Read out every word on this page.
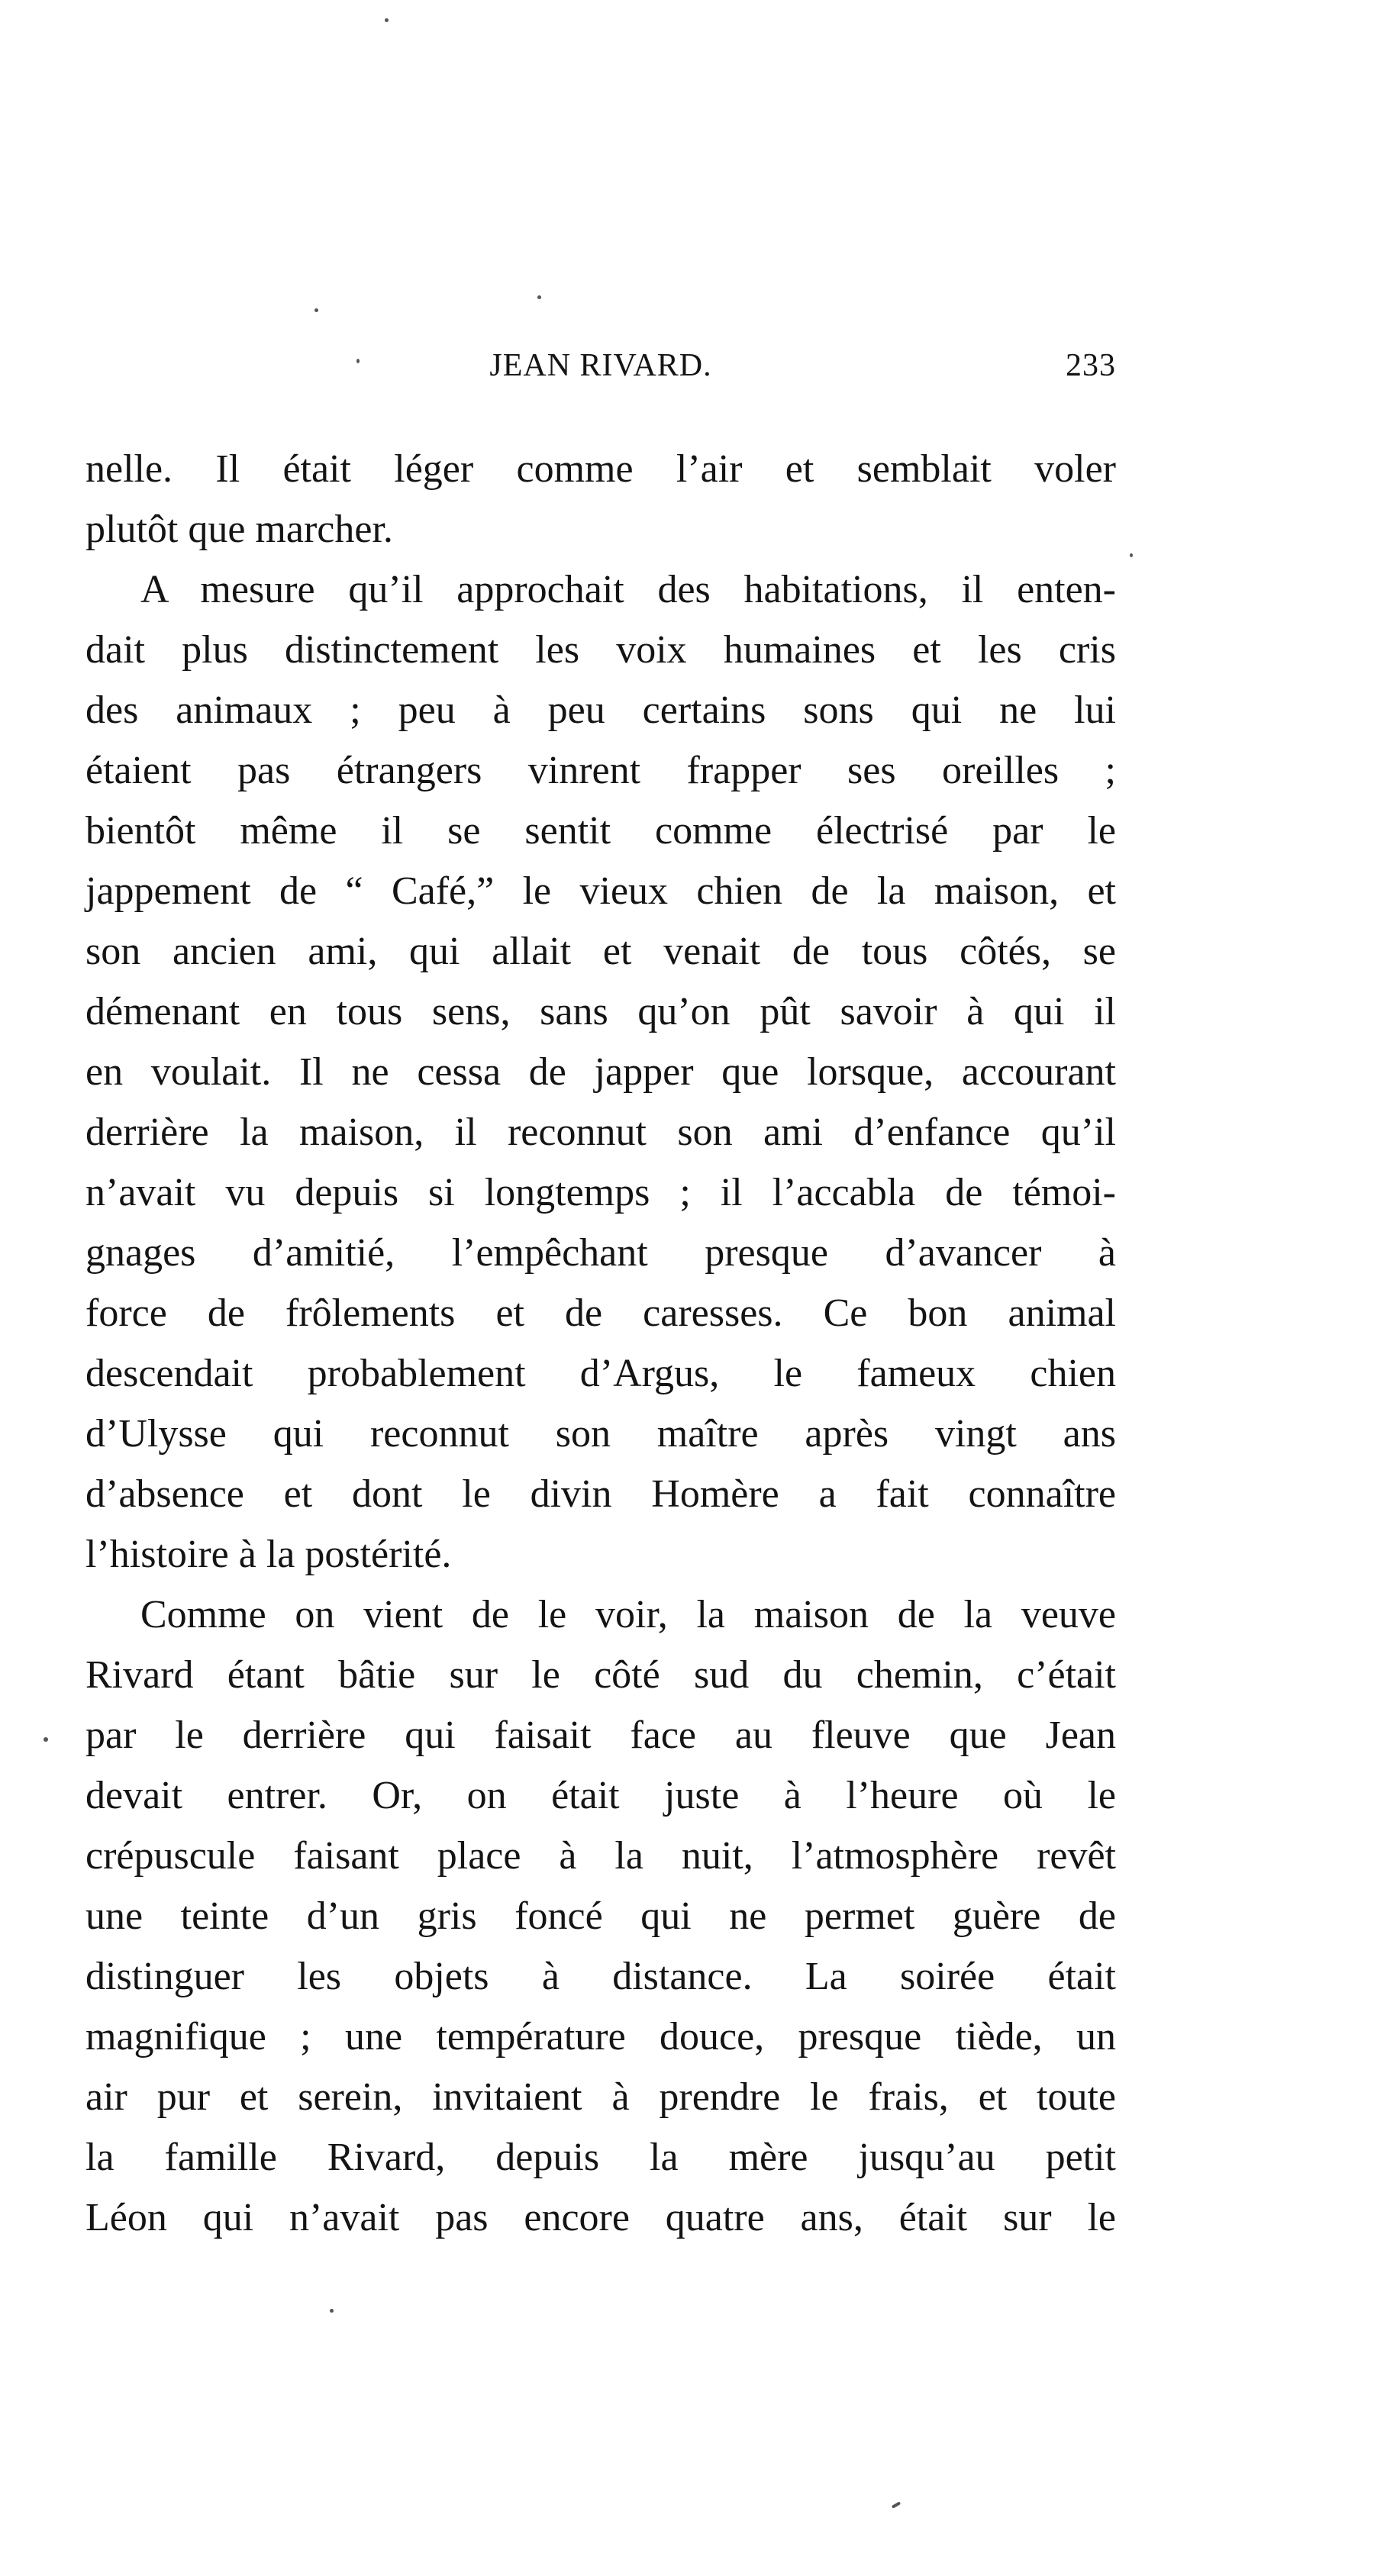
JEAN RIVARD.	233
nelle. Il était léger comme l’air et semblait voler
plutôt que marcher.
A mesure qu’il approchait des habitations, il enten-
dait plus distinctement les voix humaines et les cris
des animaux ; peu à peu certains sons qui ne lui
étaient pas étrangers vinrent frapper ses oreilles ;
bientôt même il se sentit comme électrisé par le
jappement de “ Café,” le vieux chien de la maison, et
son ancien ami, qui allait et venait de tous côtés, se
démenant en tous sens, sans qu’on pût savoir à qui il
en voulait. Il ne cessa de japper que lorsque, accourant
derrière la maison, il reconnut son ami d’enfance qu’il
n’avait vu depuis si longtemps ; il l’accabla de témoi-
gnages d’amitié, l’empêchant presque d’avancer à
force de frôlements et de caresses. Ce bon animal
descendait probablement d’Argus, le fameux chien
d’Ulysse qui reconnut son maître après vingt ans
d’absence et dont le divin Homère a fait connaître
l’histoire à la postérité.
Comme on vient de le voir, la maison de la veuve
Rivard étant bâtie sur le côté sud du chemin, c’était
par le derrière qui faisait face au fleuve que Jean
devait entrer. Or, on était juste à l’heure où le
crépuscule faisant place à la nuit, l’atmosphère revêt
une teinte d’un gris foncé qui ne permet guère de
distinguer les objets à distance. La soirée était
magnifique ; une température douce, presque tiède, un
air pur et serein, invitaient à prendre le frais, et toute
la famille Rivard, depuis la mère jusqu’au petit
Léon qui n’avait pas encore quatre ans, était sur le
